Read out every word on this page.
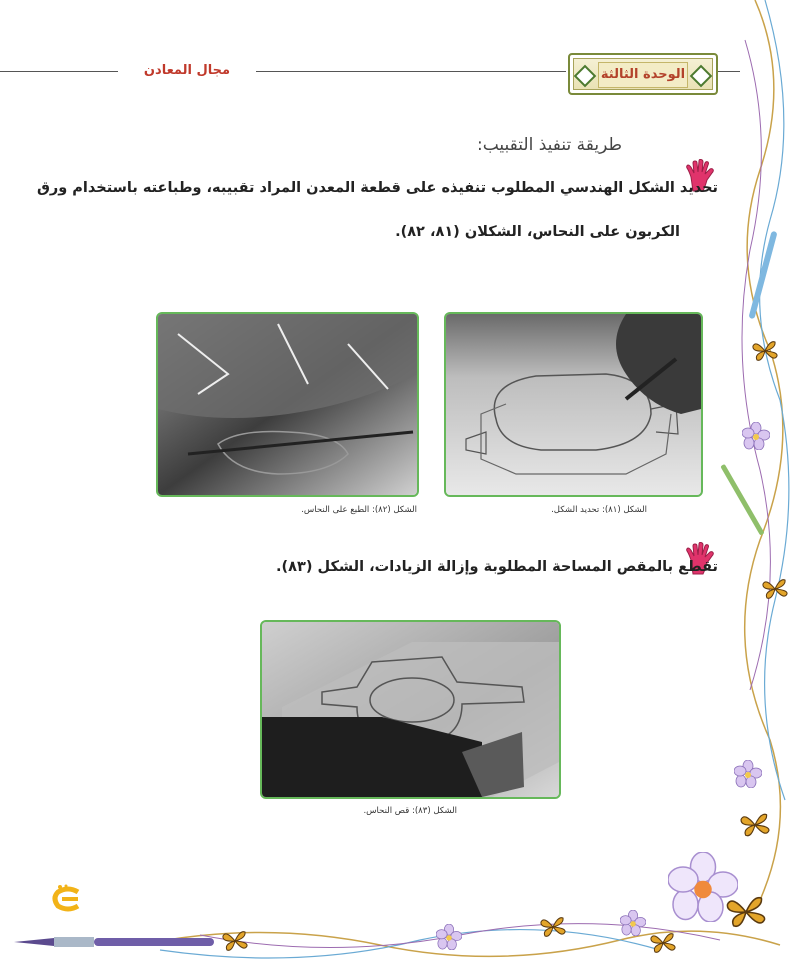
مجال المعادن	الوحدة الثالثة
طريقة تنفيذ التقبيب:
تحديد الشكل الهندسي المطلوب تنفيذه على قطعة المعدن المراد تقبيبه، وطباعته باستخدام ورق
الكربون على النحاس، الشكلان (٨١، ٨٢).
الشكل (٨١): تحديد الشكل.
الشكل (٨٢): الطبع على النحاس.
تقطع بالمقص المساحة المطلوبة وإزالة الزيادات، الشكل (٨٣).
الشكل (٨٣): قص النحاس.
